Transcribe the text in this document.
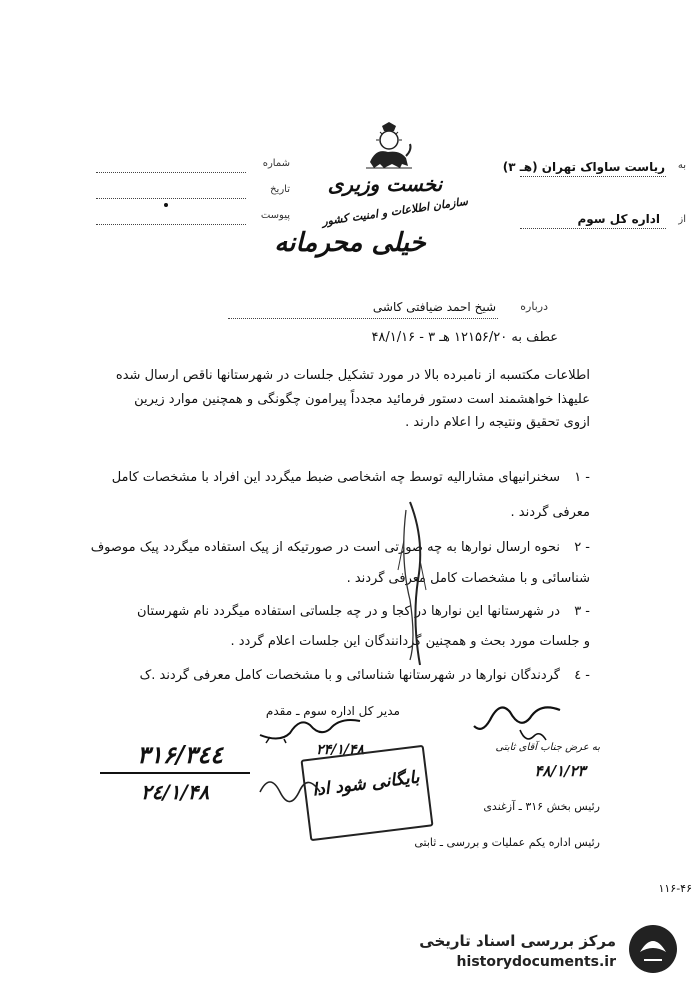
به
ریاست ساواک تهران (هـ ۳)
از
اداره کل سوم
شماره
تاریخ
پیوست
نخست وزیری
سازمان اطلاعات و امنیت کشور
خیلی محرمانه
درباره
شیخ احمد ضیافتی کاشی
عطف به ۱۲۱۵۶/۲۰ هـ ۳ - ۴۸/۱/۱۶
اطلاعات مکتسبه از نامبرده بالا در مورد تشکیل جلسات در شهرستانها ناقص ارسال شده
علیهذا خواهشمند است دستور فرمائید مجدداً پیرامون چگونگی و همچنین موارد زیرین
ازوی تحقیق ونتیجه را اعلام دارند .
۱ -
سخنرانیهای مشارالیه توسط چه اشخاصی ضبط میگردد این افراد با مشخصات کامل
معرفی گردند .
۲ -
نحوه ارسال نوارها به چه صورتی است در صورتیکه از پیک استفاده میگردد پیک موصوف
شناسائی و با مشخصات کامل معرفی گردند .
۳ -
در شهرستانها این نوارها در کجا و در چه جلساتی استفاده میگردد نام شهرستان
و جلسات مورد بحث و همچنین گردانندگان این جلسات اعلام گردد .
٤ -
گردندگان نوارها در شهرستانها شناسائی و با مشخصات کامل معرفی گردند .ک
مدیر کل اداره سوم ـ مقدم
۲۴/۱/۴۸
۳۱۶/۳٤٤
۲٤/۱/۴۸
۴۸/۱/۲۳
به عرض جناب آقای ثابتی
بایگانی شود ادا
رئیس بخش ۳۱۶ ـ آزغندی
رئیس اداره یکم عملیات و بررسی ـ ثابتی
۱۱۶-۴۶
مرکز بررسی اسناد تاریخی
historydocuments.ir
